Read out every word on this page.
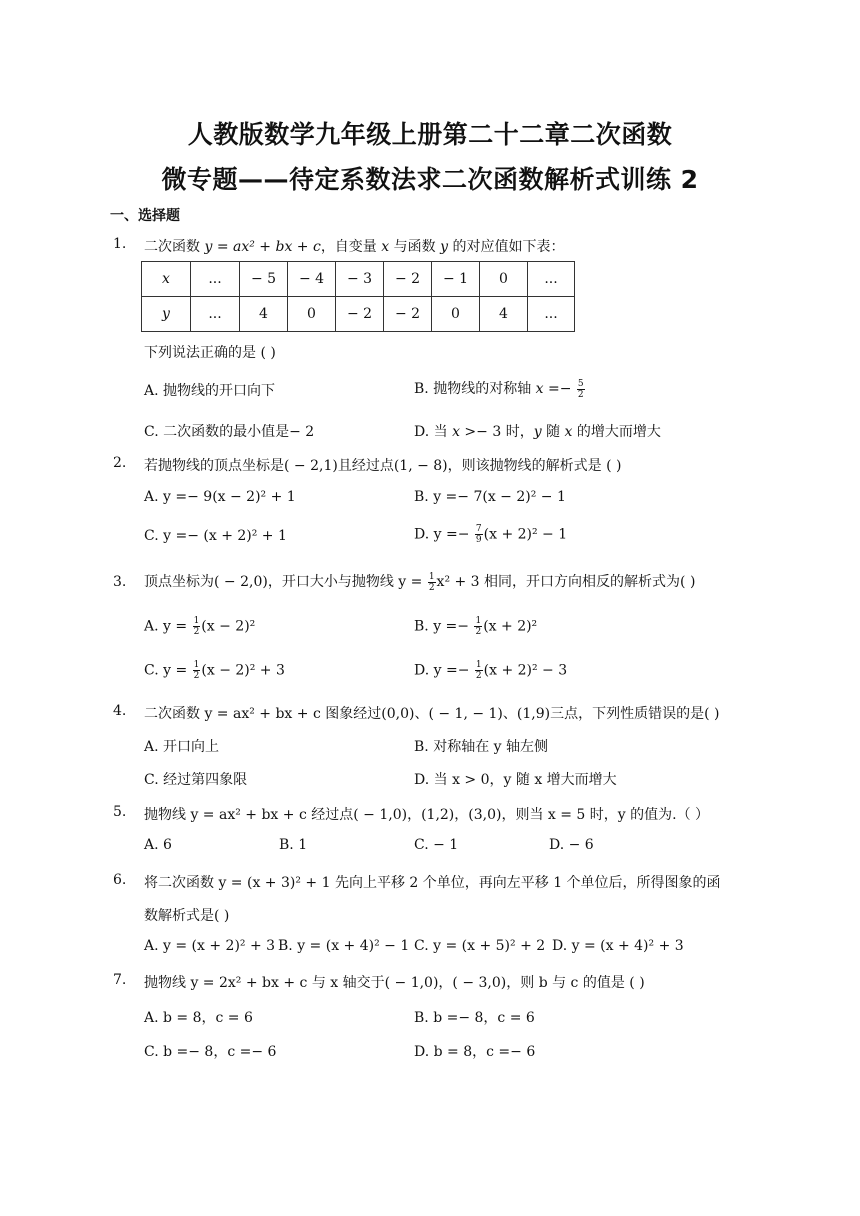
人教版数学九年级上册第二十二章二次函数
微专题——待定系数法求二次函数解析式训练 2
一、选择题
1. 二次函数 y = ax² + bx + c，自变量 x 与函数 y 的对应值如下表：
x	...	− 5	− 4	− 3	− 2	− 1	0	...
y	...	4	0	− 2	− 2	0	4	...
下列说法正确的是 ( )
A. 抛物线的开口向下	B. 抛物线的对称轴 $x =- \frac{5}{2}$
C. 二次函数的最小值是− 2	D. 当 x >− 3 时，y 随 x 的增大而增大
2. 若抛物线的顶点坐标是( − 2,1)且经过点(1, − 8)，则该抛物线的解析式是 ( )
A. y =− 9(x − 2)² + 1	B. y =− 7(x − 2)² − 1
C. y =− (x + 2)² + 1	D. $y =- \frac{7}{9} (x + 2)^2 - 1$
3. 顶点坐标为( − 2,0)，开口大小与抛物线 $y = \frac{1}{2} x^2 + 3$ 相同，开口方向相反的解析式为( )
A. $y = \frac{1}{2} (x - 2)^2$	B. $y =- \frac{1}{2} (x + 2)^2$
C. $y = \frac{1}{2} (x - 2)^2 + 3$	D. $y =- \frac{1}{2} (x + 2)^2 - 3$
4. 二次函数 y = ax² + bx + c 图象经过(0,0)、( − 1, − 1)、(1,9)三点，下列性质错误的是( )
A. 开口向上	B. 对称轴在 y 轴左侧
C. 经过第四象限	D. 当 x > 0，y 随 x 增大而增大
5. 抛物线 y = ax² + bx + c 经过点( − 1,0)，(1,2)，(3,0)，则当 x = 5 时，y 的值为.（ ）
A. 6	B. 1	C. − 1	D. − 6
6. 将二次函数 y = (x + 3)² + 1 先向上平移 2 个单位，再向左平移 1 个单位后，所得图象的函
数解析式是( )
A. y = (x + 2)² + 3 B. y = (x + 4)² − 1 C. y = (x + 5)² + 2 D. y = (x + 4)² + 3
7. 抛物线 y = 2x² + bx + c 与 x 轴交于( − 1,0)，( − 3,0)，则 b 与 c 的值是 ( )
A. b = 8，c = 6	B. b =− 8，c = 6
C. b =− 8，c =− 6	D. b = 8，c =− 6
